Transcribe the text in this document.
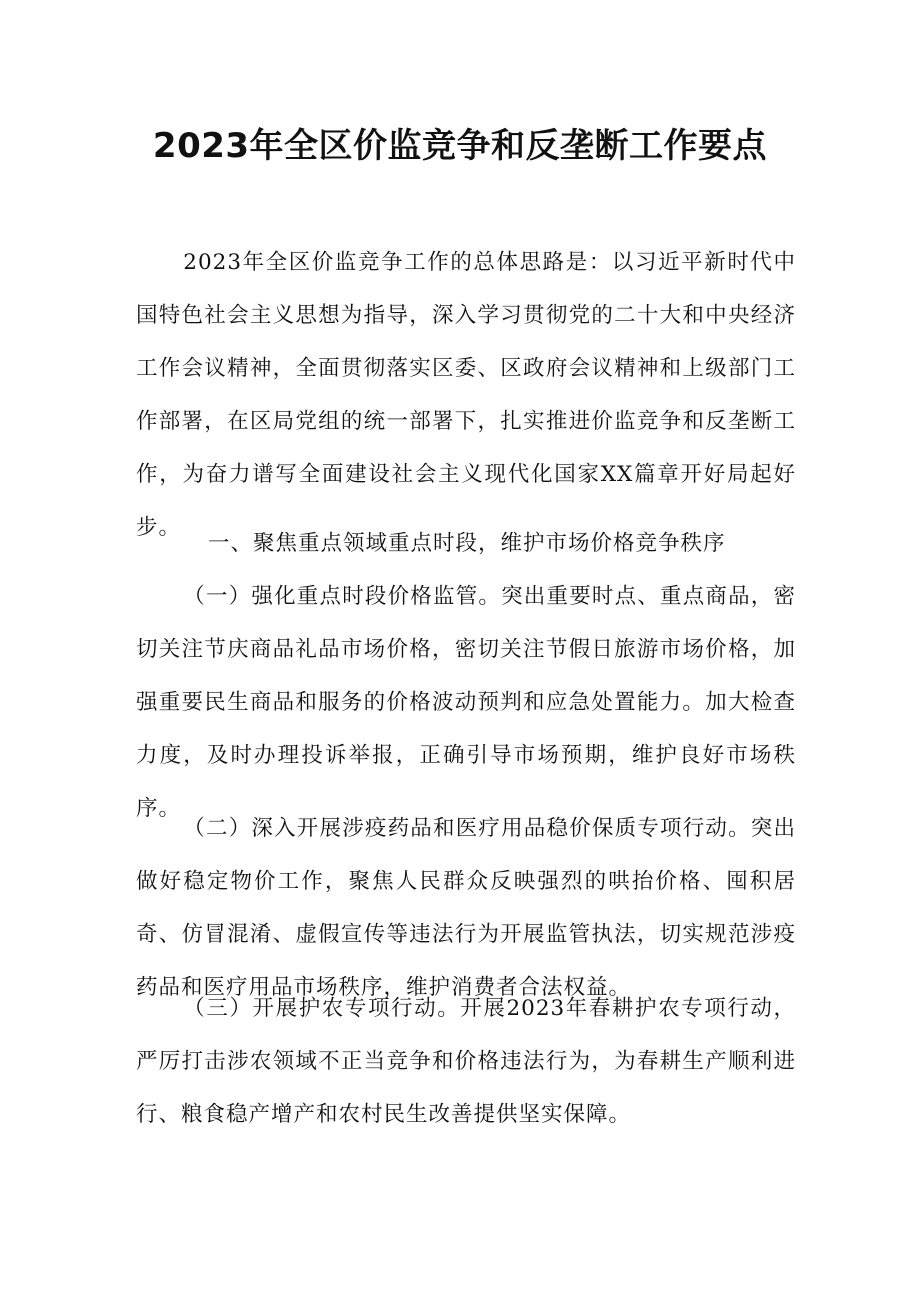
2023年全区价监竞争和反垄断工作要点

2023年全区价监竞争工作的总体思路是：以习近平新时代中国特色社会主义思想为指导，深入学习贯彻党的二十大和中央经济工作会议精神，全面贯彻落实区委、区政府会议精神和上级部门工作部署，在区局党组的统一部署下，扎实推进价监竞争和反垄断工作，为奋力谱写全面建设社会主义现代化国家XX篇章开好局起好步。

一、聚焦重点领域重点时段，维护市场价格竞争秩序

（一）强化重点时段价格监管。突出重要时点、重点商品，密切关注节庆商品礼品市场价格，密切关注节假日旅游市场价格，加强重要民生商品和服务的价格波动预判和应急处置能力。加大检查力度，及时办理投诉举报，正确引导市场预期，维护良好市场秩序。

（二）深入开展涉疫药品和医疗用品稳价保质专项行动。突出做好稳定物价工作，聚焦人民群众反映强烈的哄抬价格、囤积居奇、仿冒混淆、虚假宣传等违法行为开展监管执法，切实规范涉疫药品和医疗用品市场秩序，维护消费者合法权益。

（三）开展护农专项行动。开展2023年春耕护农专项行动，严厉打击涉农领域不正当竞争和价格违法行为，为春耕生产顺利进行、粮食稳产增产和农村民生改善提供坚实保障。
